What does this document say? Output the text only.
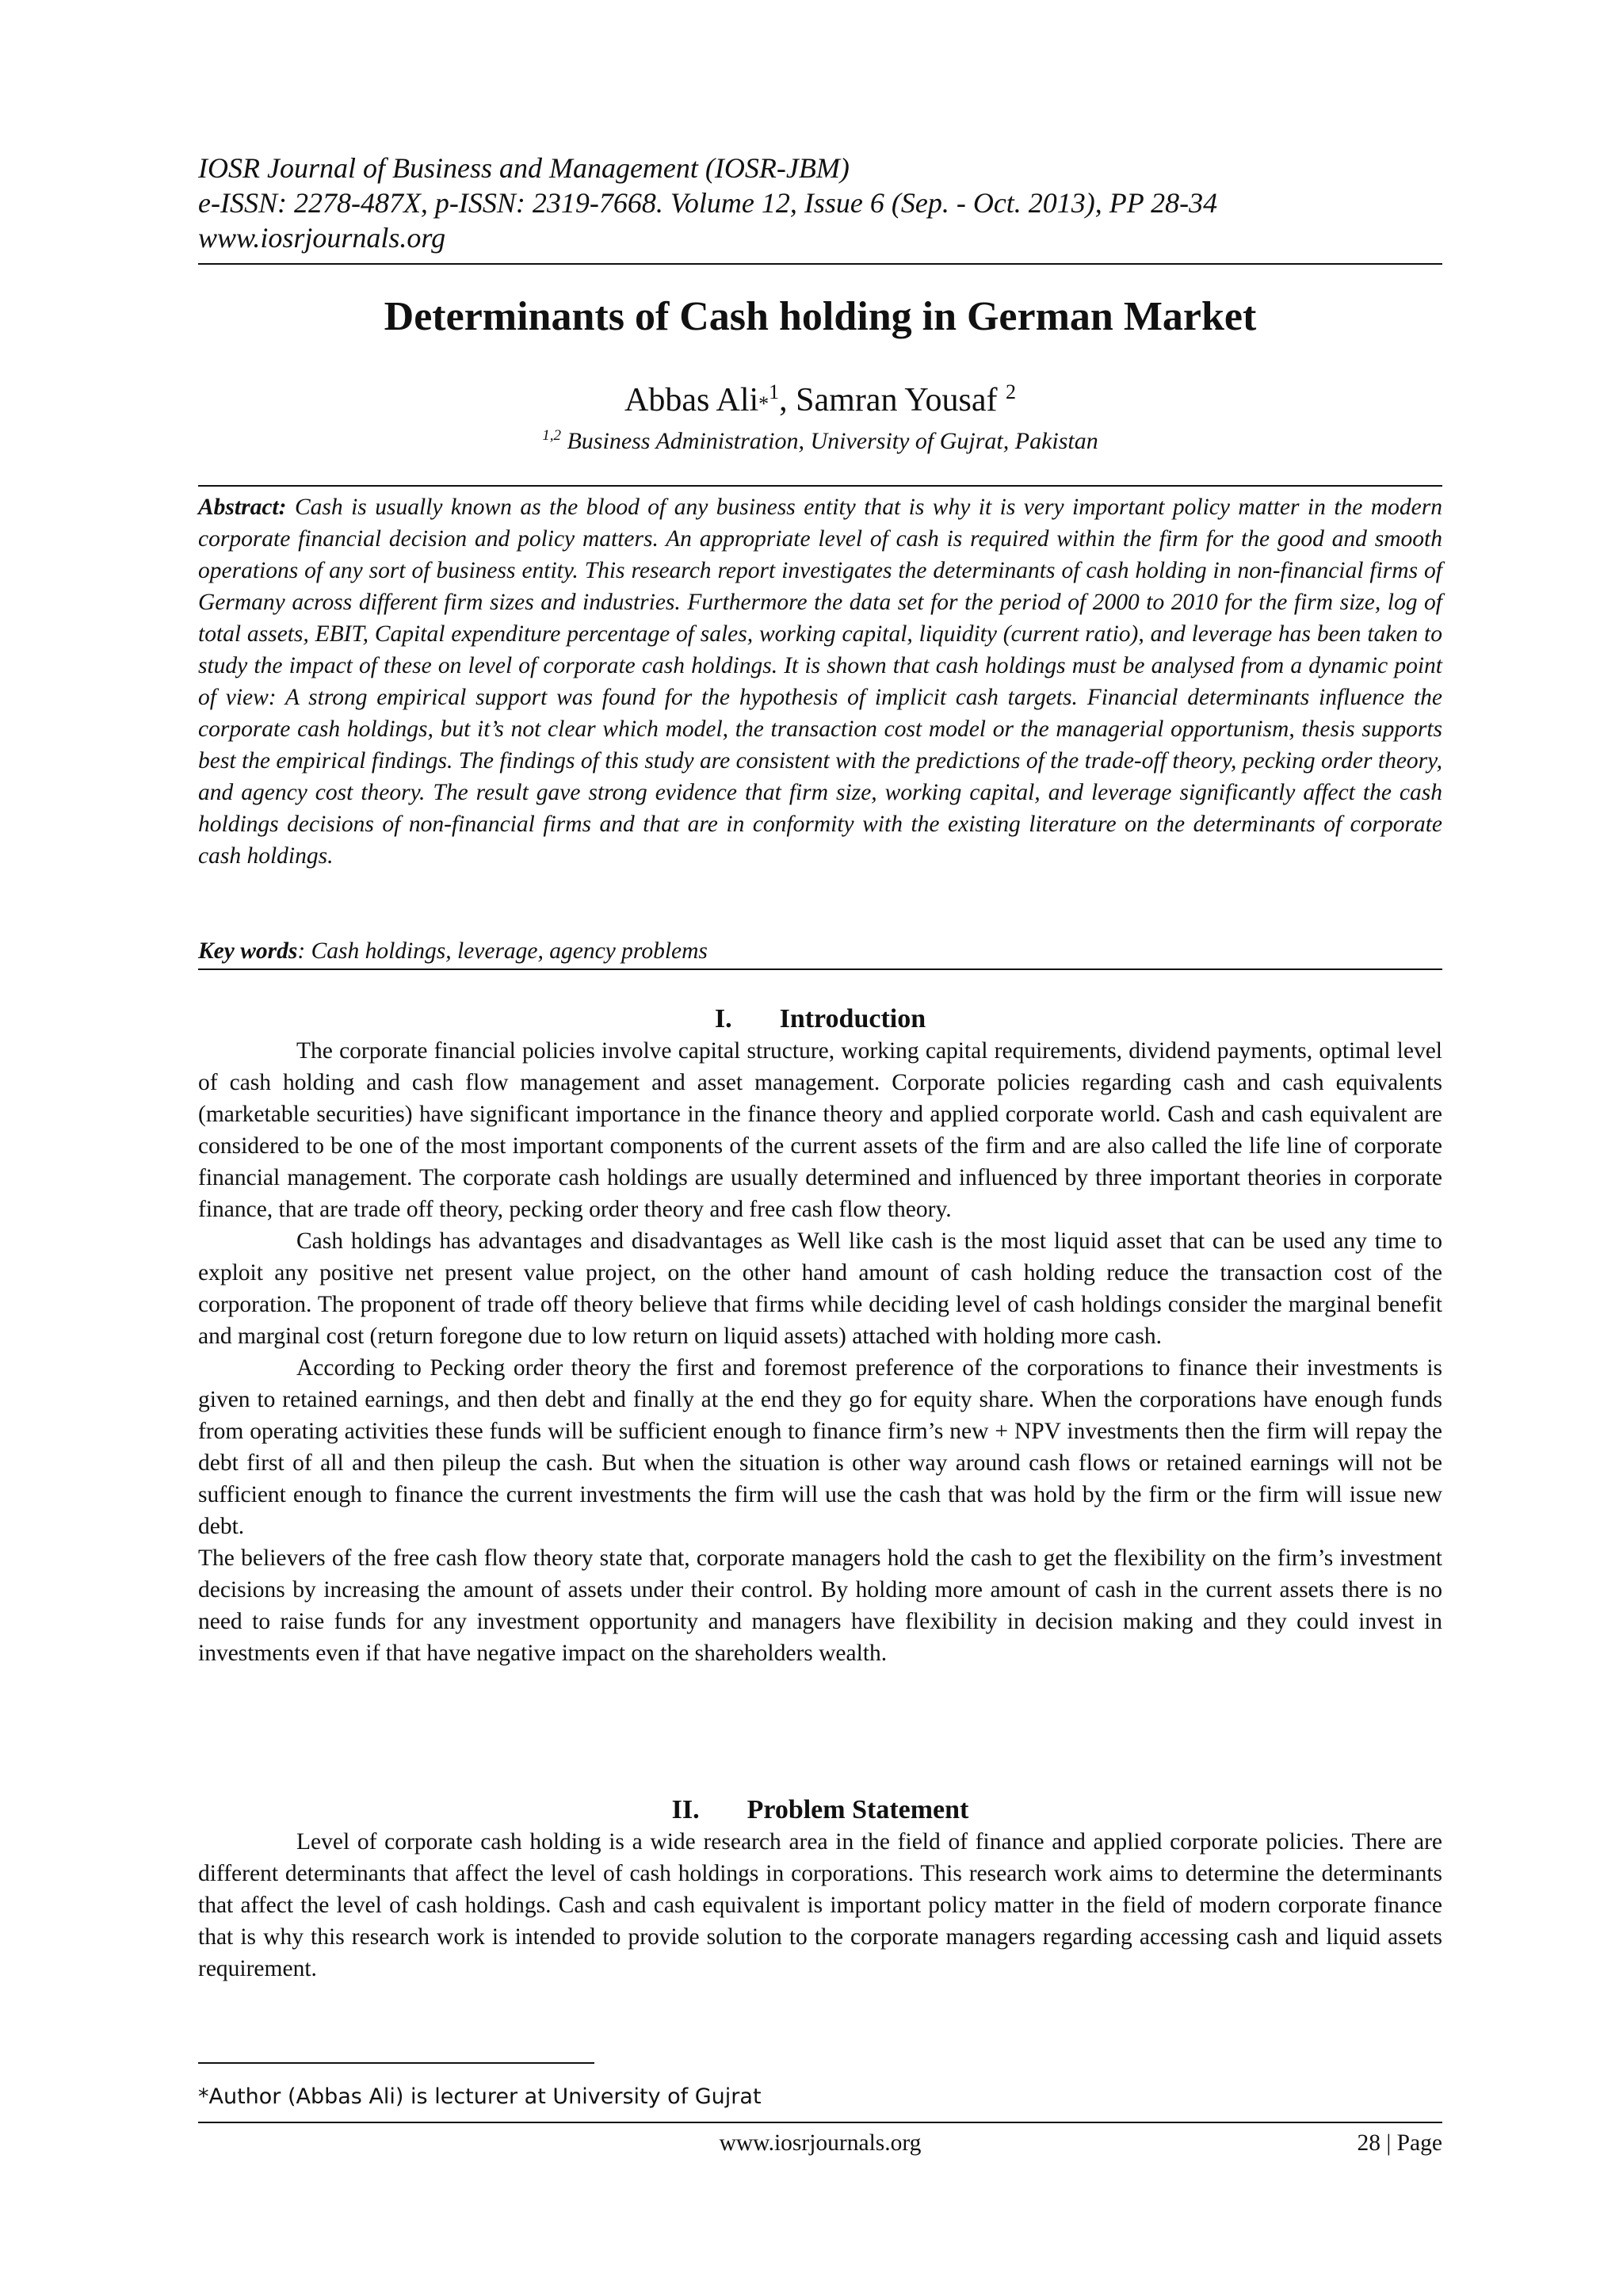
IOSR Journal of Business and Management (IOSR-JBM)
e-ISSN: 2278-487X, p-ISSN: 2319-7668. Volume 12, Issue 6 (Sep. - Oct. 2013), PP 28-34
www.iosrjournals.org
Determinants of Cash holding in German Market
Abbas Ali*$^1$, Samran Yousaf $^2$
$^{1,2}$ Business Administration, University of Gujrat, Pakistan
Abstract: Cash is usually known as the blood of any business entity that is why it is very important policy matter in the modern corporate financial decision and policy matters. An appropriate level of cash is required within the firm for the good and smooth operations of any sort of business entity. This research report investigates the determinants of cash holding in non-financial firms of Germany across different firm sizes and industries. Furthermore the data set for the period of 2000 to 2010 for the firm size, log of total assets, EBIT, Capital expenditure percentage of sales, working capital, liquidity (current ratio), and leverage has been taken to study the impact of these on level of corporate cash holdings. It is shown that cash holdings must be analysed from a dynamic point of view: A strong empirical support was found for the hypothesis of implicit cash targets. Financial determinants influence the corporate cash holdings, but it’s not clear which model, the transaction cost model or the managerial opportunism, thesis supports best the empirical findings. The findings of this study are consistent with the predictions of the trade-off theory, pecking order theory, and agency cost theory. The result gave strong evidence that firm size, working capital, and leverage significantly affect the cash holdings decisions of non-financial firms and that are in conformity with the existing literature on the determinants of corporate cash holdings.
Key words: Cash holdings, leverage, agency problems
I. Introduction

The corporate financial policies involve capital structure, working capital requirements, dividend payments, optimal level of cash holding and cash flow management and asset management. Corporate policies regarding cash and cash equivalents (marketable securities) have significant importance in the finance theory and applied corporate world. Cash and cash equivalent are considered to be one of the most important components of the current assets of the firm and are also called the life line of corporate financial management. The corporate cash holdings are usually determined and influenced by three important theories in corporate finance, that are trade off theory, pecking order theory and free cash flow theory.

Cash holdings has advantages and disadvantages as Well like cash is the most liquid asset that can be used any time to exploit any positive net present value project, on the other hand amount of cash holding reduce the transaction cost of the corporation. The proponent of trade off theory believe that firms while deciding level of cash holdings consider the marginal benefit and marginal cost (return foregone due to low return on liquid assets) attached with holding more cash.

According to Pecking order theory the first and foremost preference of the corporations to finance their investments is given to retained earnings, and then debt and finally at the end they go for equity share. When the corporations have enough funds from operating activities these funds will be sufficient enough to finance firm’s new + NPV investments then the firm will repay the debt first of all and then pileup the cash. But when the situation is other way around cash flows or retained earnings will not be sufficient enough to finance the current investments the firm will use the cash that was hold by the firm or the firm will issue new debt.

The believers of the free cash flow theory state that, corporate managers hold the cash to get the flexibility on the firm’s investment decisions by increasing the amount of assets under their control. By holding more amount of cash in the current assets there is no need to raise funds for any investment opportunity and managers have flexibility in decision making and they could invest in investments even if that have negative impact on the shareholders wealth.

II. Problem Statement

Level of corporate cash holding is a wide research area in the field of finance and applied corporate policies. There are different determinants that affect the level of cash holdings in corporations. This research work aims to determine the determinants that affect the level of cash holdings. Cash and cash equivalent is important policy matter in the field of modern corporate finance that is why this research work is intended to provide solution to the corporate managers regarding accessing cash and liquid assets requirement.

*Author (Abbas Ali) is lecturer at University of Gujrat
www.iosrjournals.org	28 | Page
